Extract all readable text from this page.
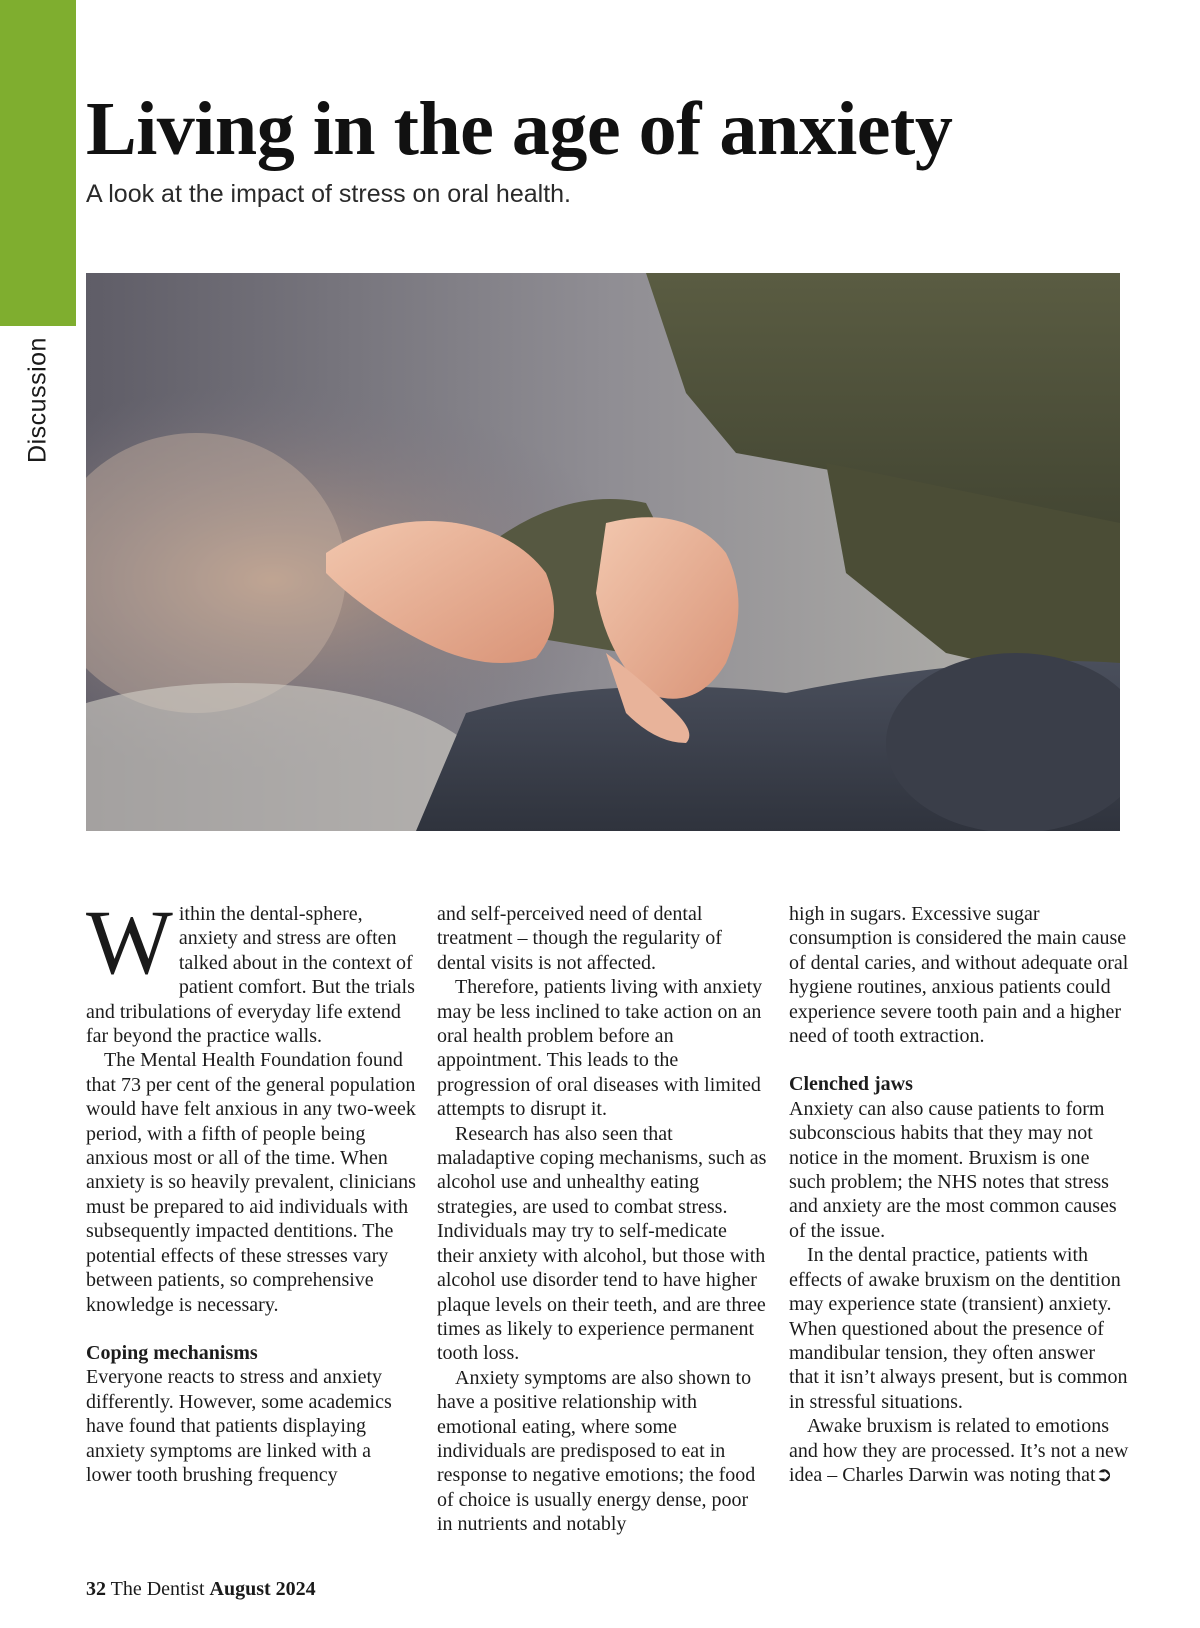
Discussion
Living in the age of anxiety

A look at the impact of stress on oral health.

Within the dental-sphere, anxiety and stress are often talked about in the context of patient comfort. But the trials and tribulations of everyday life extend far beyond the practice walls.

The Mental Health Foundation found that 73 per cent of the general population would have felt anxious in any two-week period, with a fifth of people being anxious most or all of the time. When anxiety is so heavily prevalent, clinicians must be prepared to aid individuals with subsequently impacted dentitions. The potential effects of these stresses vary between patients, so comprehensive knowledge is necessary.

Coping mechanisms

Everyone reacts to stress and anxiety differently. However, some academics have found that patients displaying anxiety symptoms are linked with a lower tooth brushing frequency

and self-perceived need of dental treatment – though the regularity of dental visits is not affected.

Therefore, patients living with anxiety may be less inclined to take action on an oral health problem before an appointment. This leads to the progression of oral diseases with limited attempts to disrupt it.

Research has also seen that maladaptive coping mechanisms, such as alcohol use and unhealthy eating strategies, are used to combat stress. Individuals may try to self-medicate their anxiety with alcohol, but those with alcohol use disorder tend to have higher plaque levels on their teeth, and are three times as likely to experience permanent tooth loss.

Anxiety symptoms are also shown to have a positive relationship with emotional eating, where some individuals are predisposed to eat in response to negative emotions; the food of choice is usually energy dense, poor in nutrients and notably

high in sugars. Excessive sugar consumption is considered the main cause of dental caries, and without adequate oral hygiene routines, anxious patients could experience severe tooth pain and a higher need of tooth extraction.

Clenched jaws

Anxiety can also cause patients to form subconscious habits that they may not notice in the moment. Bruxism is one such problem; the NHS notes that stress and anxiety are the most common causes of the issue.

In the dental practice, patients with effects of awake bruxism on the dentition may experience state (transient) anxiety. When questioned about the presence of mandibular tension, they often answer that it isn’t always present, but is common in stressful situations.

Awake bruxism is related to emotions and how they are processed. It’s not a new idea – Charles Darwin was noting that➲

32 The Dentist August 2024
